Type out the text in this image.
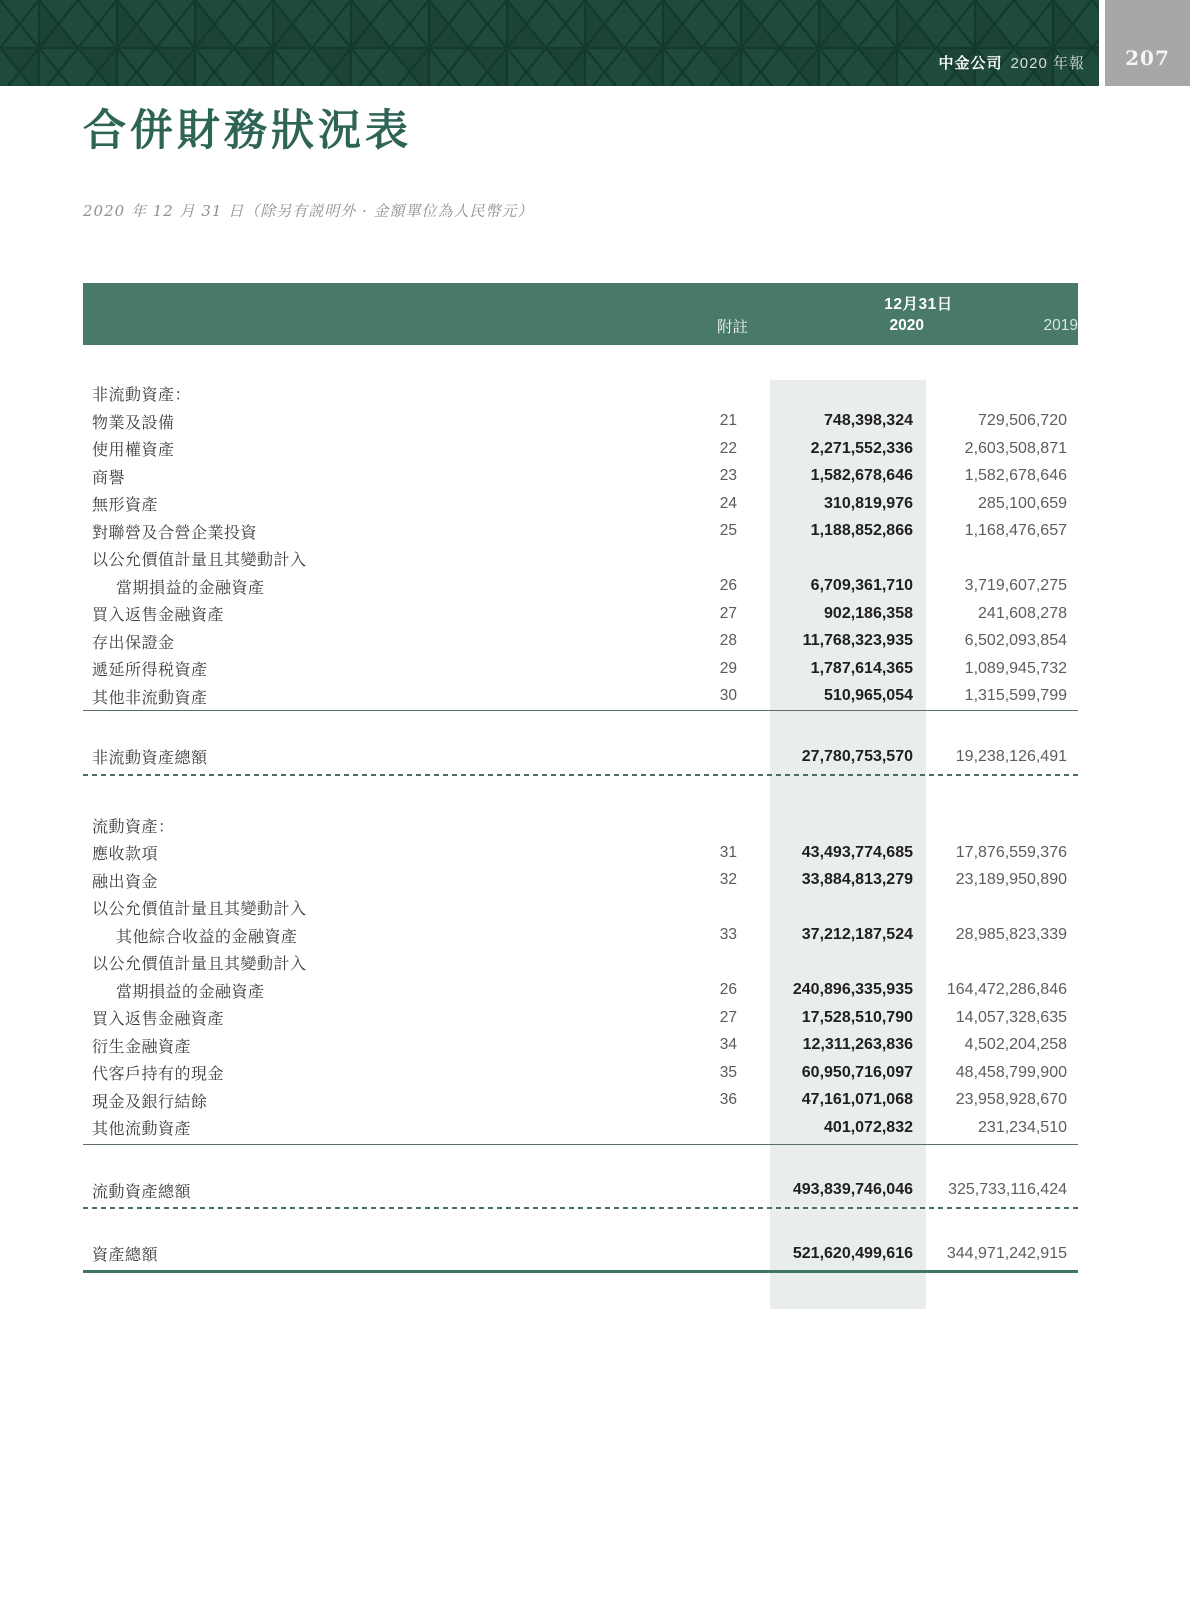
中金公司 2020 年報 207
合併財務狀況表
2020 年 12 月 31 日（除另有説明外 · 金額單位為人民幣元）
12月31日
附註	2020	2019
非流動資產：
物業及設備	21	748,398,324	729,506,720
使用權資產	22	2,271,552,336	2,603,508,871
商譽	23	1,582,678,646	1,582,678,646
無形資產	24	310,819,976	285,100,659
對聯營及合營企業投資	25	1,188,852,866	1,168,476,657
以公允價值計量且其變動計入
當期損益的金融資產	26	6,709,361,710	3,719,607,275
買入返售金融資產	27	902,186,358	241,608,278
存出保證金	28	11,768,323,935	6,502,093,854
遞延所得税資產	29	1,787,614,365	1,089,945,732
其他非流動資產	30	510,965,054	1,315,599,799
非流動資產總額	27,780,753,570	19,238,126,491
流動資產：
應收款項	31	43,493,774,685	17,876,559,376
融出資金	32	33,884,813,279	23,189,950,890
以公允價值計量且其變動計入
其他綜合收益的金融資產	33	37,212,187,524	28,985,823,339
以公允價值計量且其變動計入
當期損益的金融資產	26	240,896,335,935	164,472,286,846
買入返售金融資產	27	17,528,510,790	14,057,328,635
衍生金融資產	34	12,311,263,836	4,502,204,258
代客戶持有的現金	35	60,950,716,097	48,458,799,900
現金及銀行結餘	36	47,161,071,068	23,958,928,670
其他流動資產	401,072,832	231,234,510
流動資產總額	493,839,746,046	325,733,116,424
資產總額	521,620,499,616	344,971,242,915
